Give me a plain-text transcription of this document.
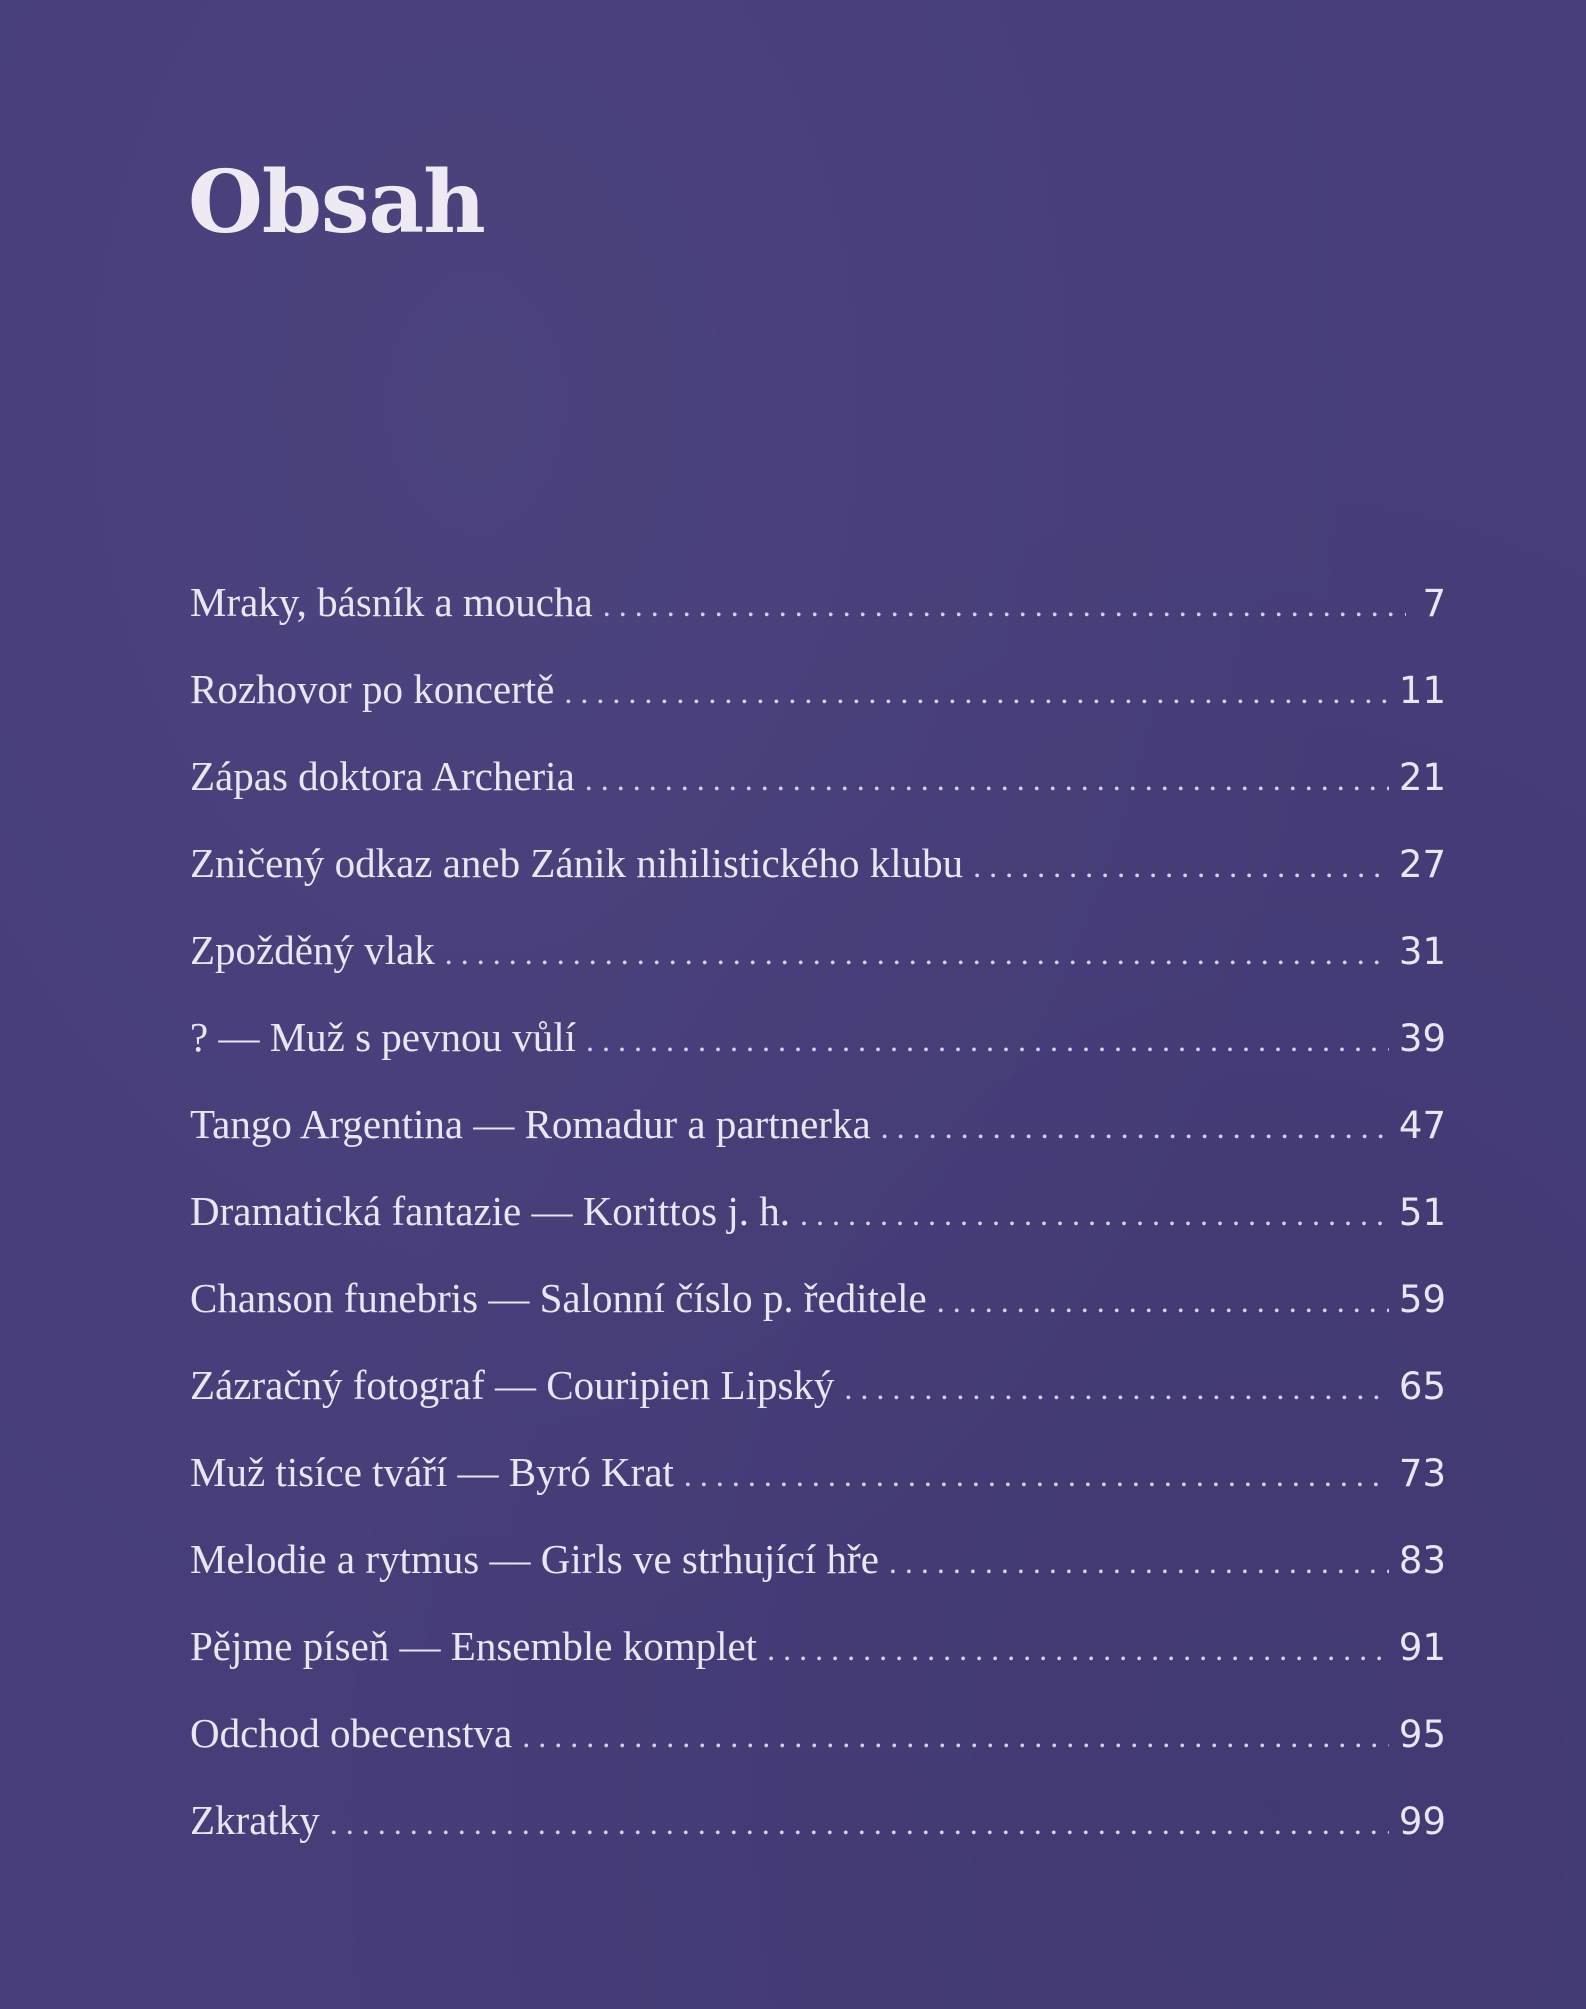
Obsah
Mraky, básník a moucha . . .	7
Rozhovor po koncertě . . .	11
Zápas doktora Archeria . . .	21
Zničený odkaz aneb Zánik nihilistického klubu . . .	27
Zpožděný vlak . . .	31
? — Muž s pevnou vůlí . . .	39
Tango Argentina — Romadur a partnerka . . .	47
Dramatická fantazie — Korittos j. h. . . .	51
Chanson funebris — Salonní číslo p. ředitele . . .	59
Zázračný fotograf — Couripien Lipský . . .	65
Muž tisíce tváří — Byró Krat . . .	73
Melodie a rytmus — Girls ve strhující hře . . .	83
Pějme píseň — Ensemble komplet . . .	91
Odchod obecenstva . . .	95
Zkratky . . .	99
